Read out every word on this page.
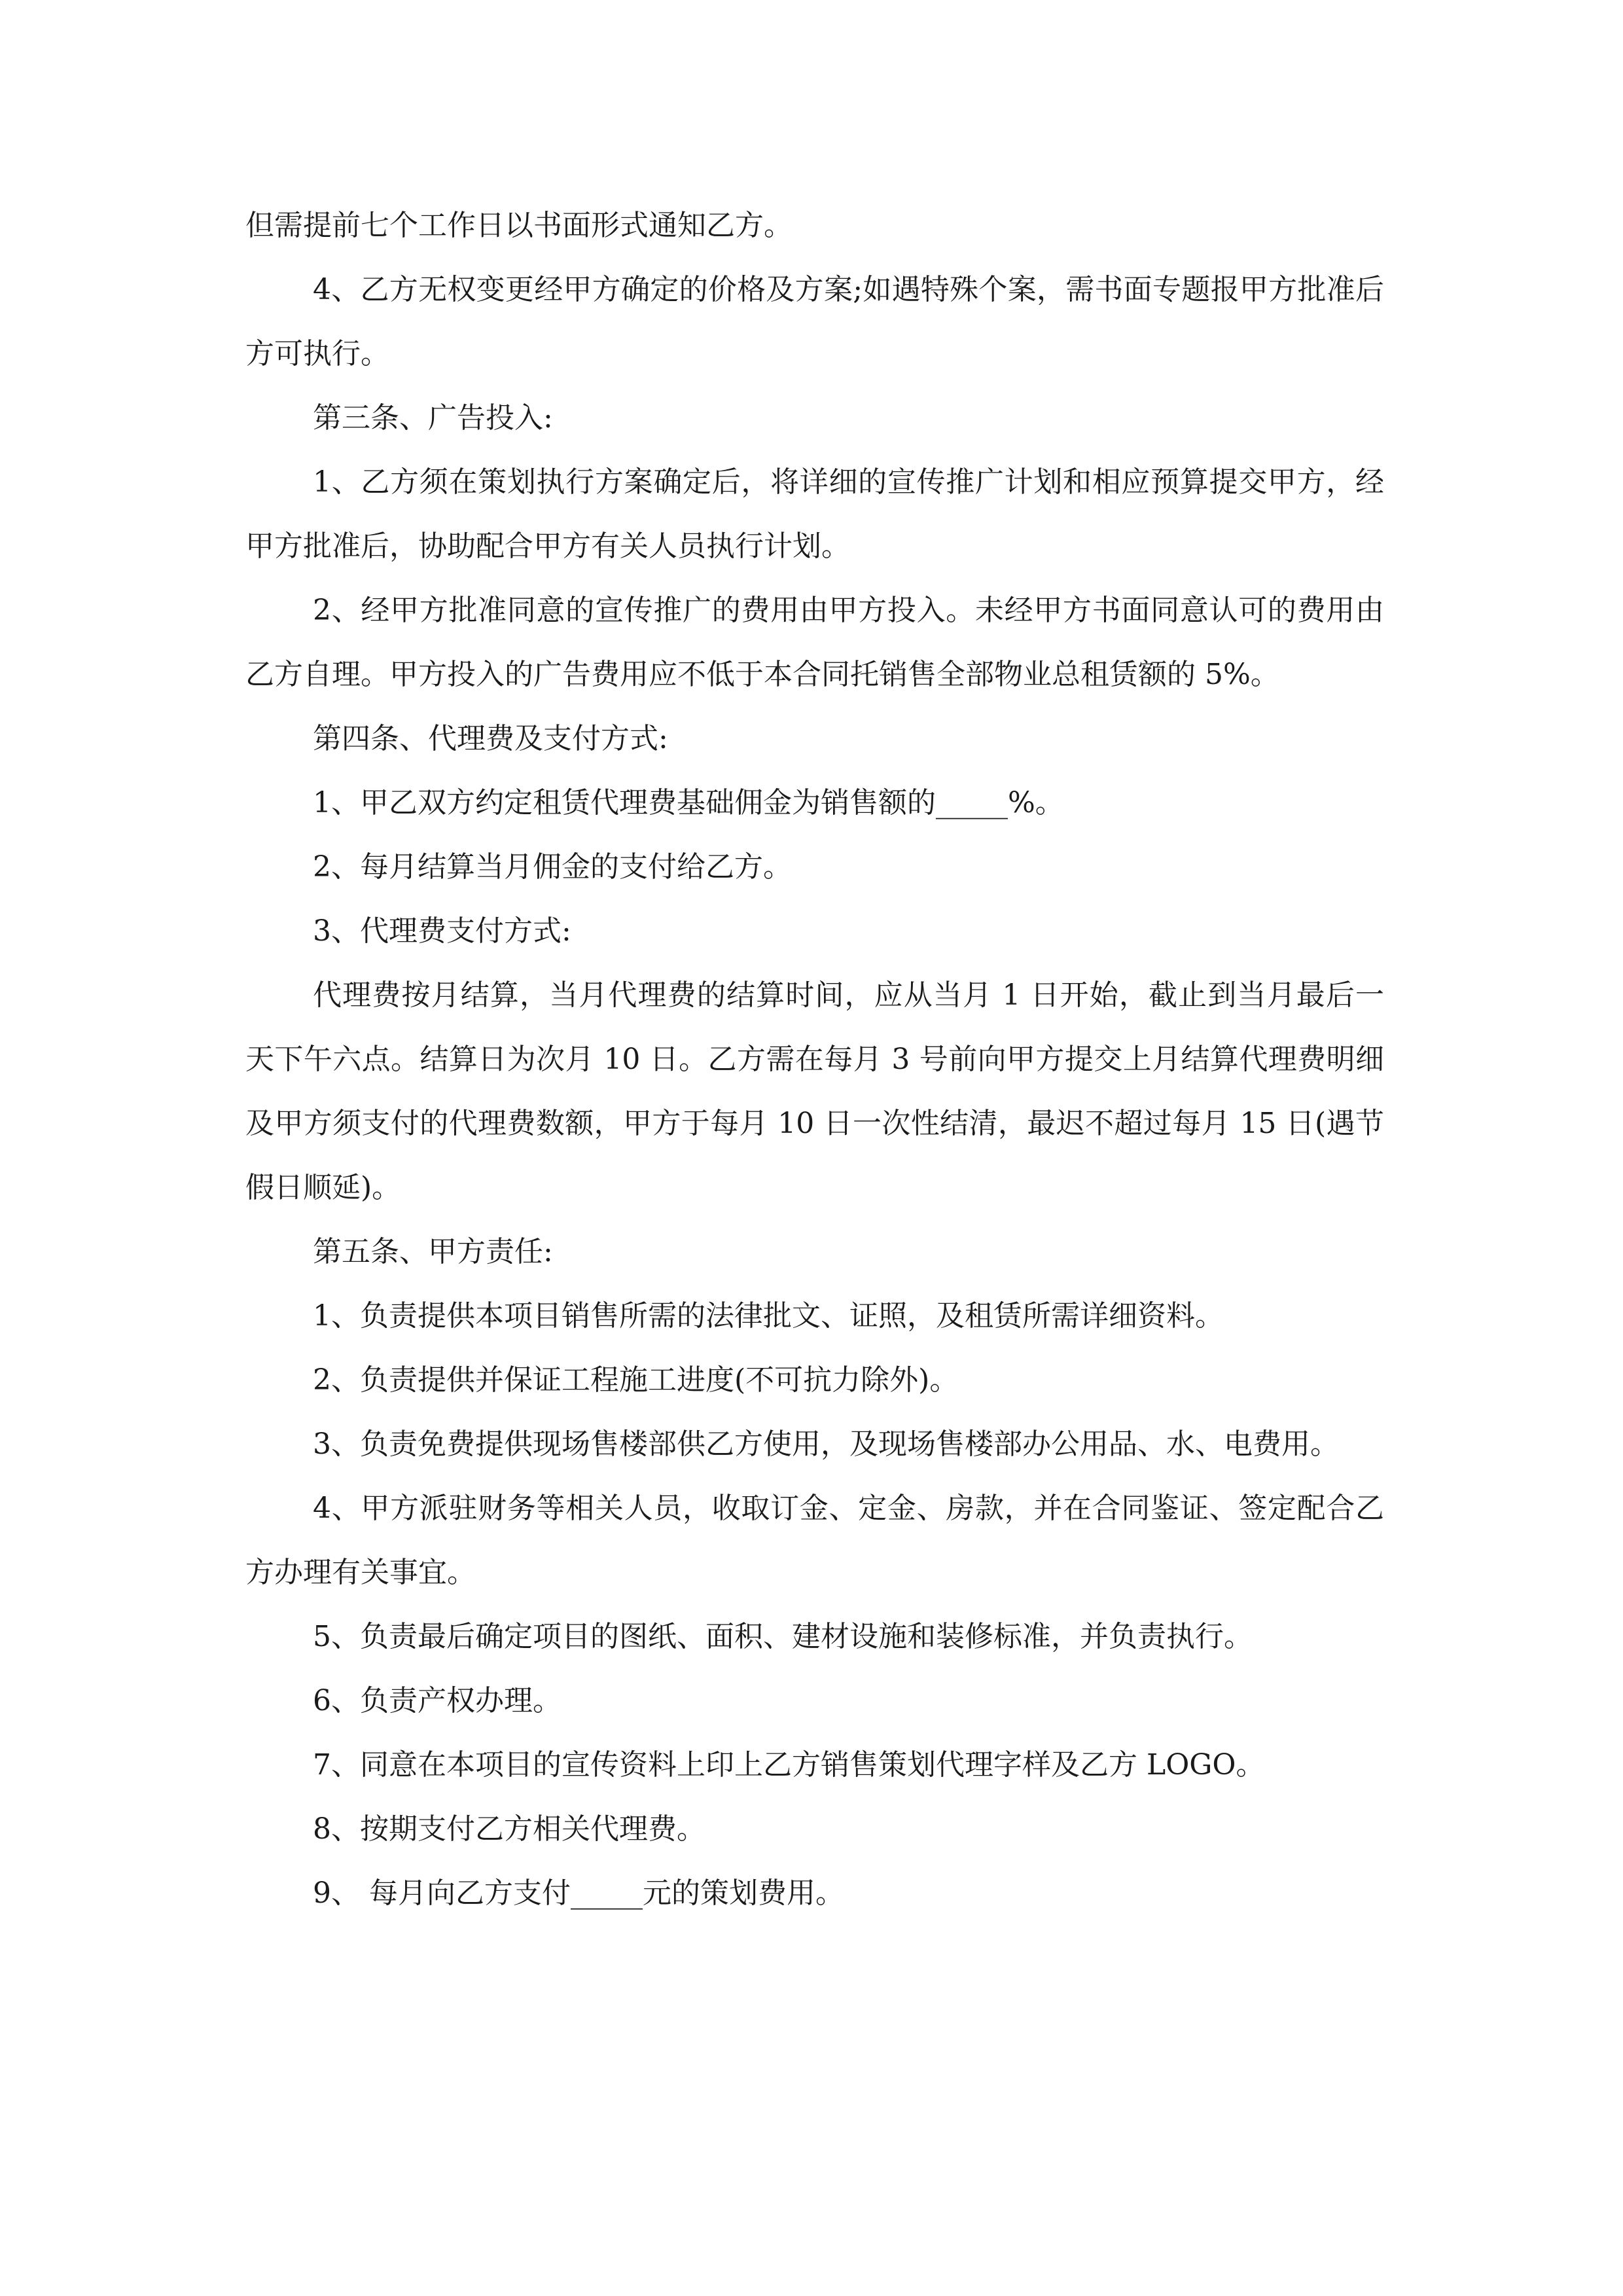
但需提前七个工作日以书面形式通知乙方。

4、乙方无权变更经甲方确定的价格及方案;如遇特殊个案，需书面专题报甲方批准后方可执行。

第三条、广告投入:

1、乙方须在策划执行方案确定后，将详细的宣传推广计划和相应预算提交甲方，经甲方批准后，协助配合甲方有关人员执行计划。

2、经甲方批准同意的宣传推广的费用由甲方投入。未经甲方书面同意认可的费用由乙方自理。甲方投入的广告费用应不低于本合同托销售全部物业总租赁额的 5%。

第四条、代理费及支付方式:

1、甲乙双方约定租赁代理费基础佣金为销售额的_____%。

2、每月结算当月佣金的支付给乙方。

3、代理费支付方式:

代理费按月结算，当月代理费的结算时间，应从当月 1 日开始，截止到当月最后一天下午六点。结算日为次月 10 日。乙方需在每月 3 号前向甲方提交上月结算代理费明细及甲方须支付的代理费数额，甲方于每月 10 日一次性结清，最迟不超过每月 15 日(遇节假日顺延)。

第五条、甲方责任:

1、负责提供本项目销售所需的法律批文、证照，及租赁所需详细资料。

2、负责提供并保证工程施工进度(不可抗力除外)。

3、负责免费提供现场售楼部供乙方使用，及现场售楼部办公用品、水、电费用。

4、甲方派驻财务等相关人员，收取订金、定金、房款，并在合同鉴证、签定配合乙方办理有关事宜。

5、负责最后确定项目的图纸、面积、建材设施和装修标准，并负责执行。

6、负责产权办理。

7、同意在本项目的宣传资料上印上乙方销售策划代理字样及乙方 LOGO。

8、按期支付乙方相关代理费。

9、 每月向乙方支付_____元的策划费用。
